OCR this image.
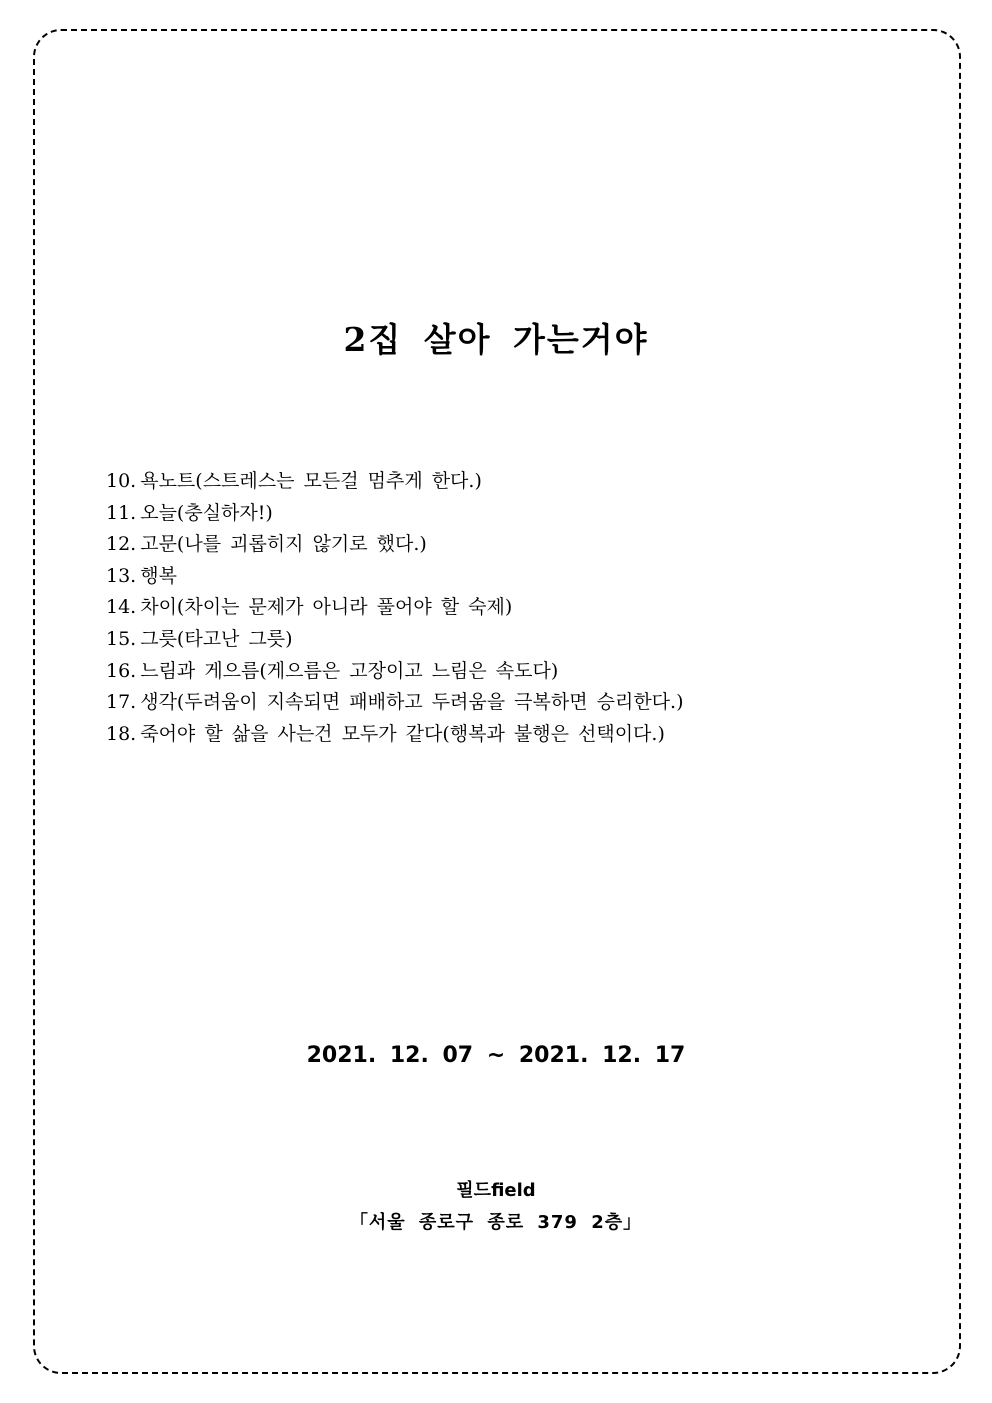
2집 살아 가는거야
10. 욕노트(스트레스는 모든걸 멈추게 한다.)
11. 오늘(충실하자!)
12. 고문(나를 괴롭히지 않기로 했다.)
13. 행복
14. 차이(차이는 문제가 아니라 풀어야 할 숙제)
15. 그릇(타고난 그릇)
16. 느림과 게으름(게으름은 고장이고 느림은 속도다)
17. 생각(두려움이 지속되면 패배하고 두려움을 극복하면 승리한다.)
18. 죽어야 할 삶을 사는건 모두가 같다(행복과 불행은 선택이다.)
2021. 12. 07 ~ 2021. 12. 17
필드field
「서울 종로구 종로 379 2층」
